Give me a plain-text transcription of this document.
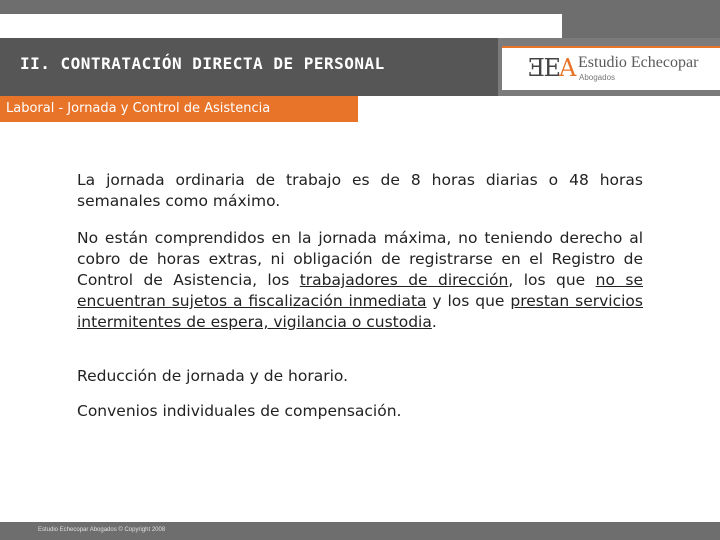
II. CONTRATACIÓN DIRECTA DE PERSONAL	ƎEA Estudio Echecopar
Abogados
Laboral - Jornada y Control de Asistencia

La jornada ordinaria de trabajo es de 8 horas diarias o 48 horas semanales como máximo.

No están comprendidos en la jornada máxima, no teniendo derecho al cobro de horas extras, ni obligación de registrarse en el Registro de Control de Asistencia, los trabajadores de dirección, los que no se encuentran sujetos a fiscalización inmediata y los que prestan servicios intermitentes de espera, vigilancia o custodia.

Reducción de jornada y de horario.

Convenios individuales de compensación.

Estudio Echecopar Abogados © Copyright 2008
